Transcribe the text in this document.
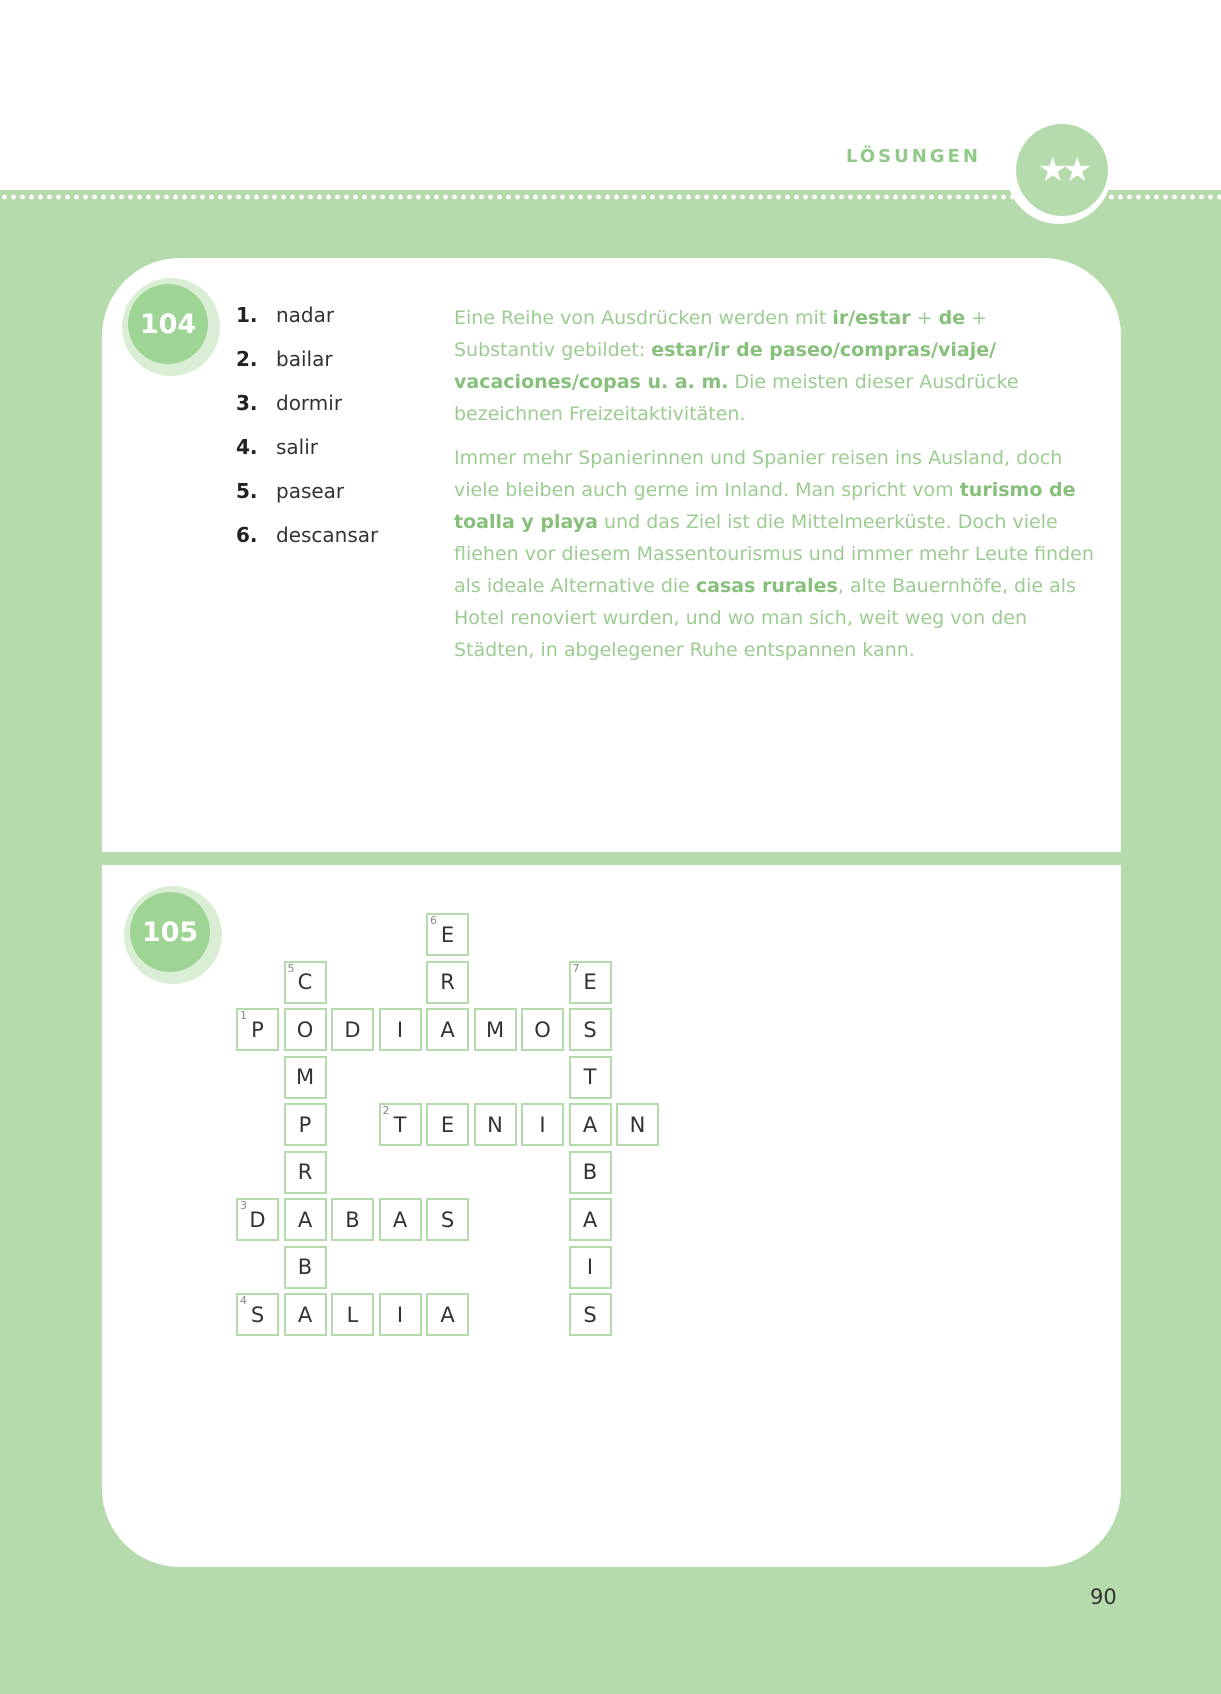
LÖSUNGEN ★★
104	1. nadar
2. bailar
3. dormir
4. salir
5. pasear
6. descansar

Eine Reihe von Ausdrücken werden mit ir/estar + de + Substantiv gebildet: estar/ir de paseo/compras/viaje/ vacaciones/copas u. a. m. Die meisten dieser Ausdrücke bezeichnen Freizeitaktivitäten.

Immer mehr Spanierinnen und Spanier reisen ins Ausland, doch viele bleiben auch gerne im Inland. Man spricht vom turismo de toalla y playa und das Ziel ist die Mittelmeerküste. Doch viele fliehen vor diesem Massentourismus und immer mehr Leute finden als ideale Alternative die casas rurales, alte Bauernhöfe, die als Hotel renoviert wurden, und wo man sich, weit weg von den Städten, in abgelegener Ruhe entspannen kann.

105	6
E
5
C	R
7
E
1
P O D I A M O S
M	T
P
2
T E N I A N
R	B
3
D A B A S	A
B	I
4
S A L I A	S
90
